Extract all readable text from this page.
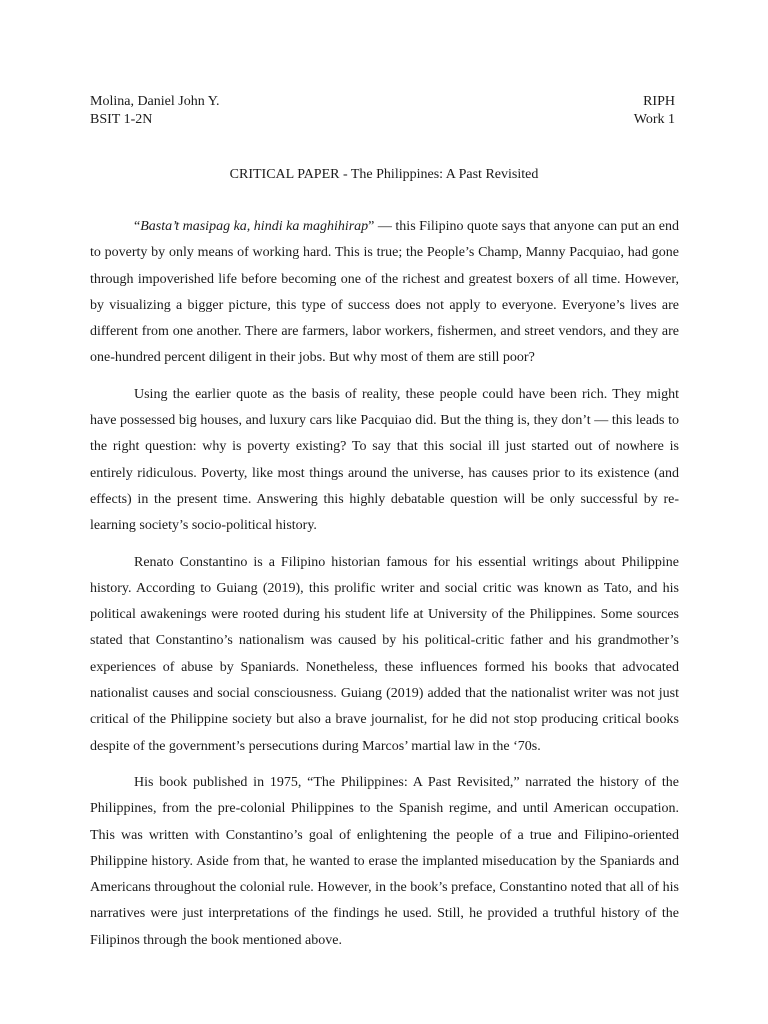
Molina, Daniel John Y.
BSIT 1-2N
RIPH
Work 1
CRITICAL PAPER - The Philippines: A Past Revisited

“Basta’t masipag ka, hindi ka maghihirap” — this Filipino quote says that anyone can put an end to poverty by only means of working hard. This is true; the People’s Champ, Manny Pacquiao, had gone through impoverished life before becoming one of the richest and greatest boxers of all time. However, by visualizing a bigger picture, this type of success does not apply to everyone. Everyone’s lives are different from one another. There are farmers, labor workers, fishermen, and street vendors, and they are one-hundred percent diligent in their jobs. But why most of them are still poor?

Using the earlier quote as the basis of reality, these people could have been rich. They might have possessed big houses, and luxury cars like Pacquiao did. But the thing is, they don’t — this leads to the right question: why is poverty existing? To say that this social ill just started out of nowhere is entirely ridiculous. Poverty, like most things around the universe, has causes prior to its existence (and effects) in the present time. Answering this highly debatable question will be only successful by re-learning society’s socio-political history.

Renato Constantino is a Filipino historian famous for his essential writings about Philippine history. According to Guiang (2019), this prolific writer and social critic was known as Tato, and his political awakenings were rooted during his student life at University of the Philippines. Some sources stated that Constantino’s nationalism was caused by his political-critic father and his grandmother’s experiences of abuse by Spaniards. Nonetheless, these influences formed his books that advocated nationalist causes and social consciousness. Guiang (2019) added that the nationalist writer was not just critical of the Philippine society but also a brave journalist, for he did not stop producing critical books despite of the government’s persecutions during Marcos’ martial law in the ‘70s.

His book published in 1975, “The Philippines: A Past Revisited,” narrated the history of the Philippines, from the pre-colonial Philippines to the Spanish regime, and until American occupation. This was written with Constantino’s goal of enlightening the people of a true and Filipino-oriented Philippine history. Aside from that, he wanted to erase the implanted miseducation by the Spaniards and Americans throughout the colonial rule. However, in the book’s preface, Constantino noted that all of his narratives were just interpretations of the findings he used. Still, he provided a truthful history of the Filipinos through the book mentioned above.
